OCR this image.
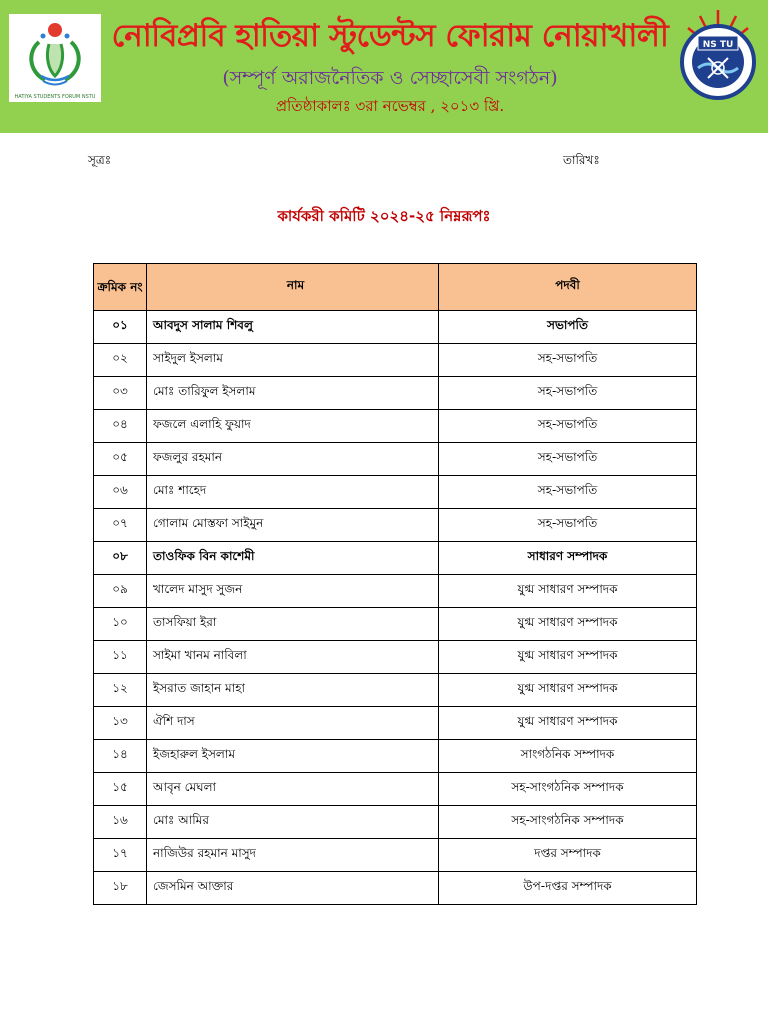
HATIYA STUDENTS FORUM NSTU
নোবিপ্রবি হাতিয়া স্টুডেন্টস ফোরাম নোয়াখালী
(সম্পূর্ণ অরাজনৈতিক ও সেচ্ছাসেবী সংগঠন)
প্রতিষ্ঠাকালঃ ৩রা নভেম্বর , ২০১৩ খ্রি.
NS TU
সূত্রঃ	তারিখঃ
কার্যকরী কমিটি ২০২৪-২৫ নিম্নরূপঃ
ক্রমিক নং	নাম	পদবী
০১	আবদুস সালাম শিবলু	সভাপতি
০২	সাইদুল ইসলাম	সহ-সভাপতি
০৩	মোঃ তারিফুল ইসলাম	সহ-সভাপতি
০৪	ফজলে এলাহি ফুয়াদ	সহ-সভাপতি
০৫	ফজলুর রহমান	সহ-সভাপতি
০৬	মোঃ শাহেদ	সহ-সভাপতি
০৭	গোলাম মোস্তফা সাইমুন	সহ-সভাপতি
০৮	তাওফিক বিন কাশেমী	সাধারণ সম্পাদক
০৯	খালেদ মাসুদ সুজন	যুগ্ম সাধারণ সম্পাদক
১০	তাসফিয়া ইরা	যুগ্ম সাধারণ সম্পাদক
১১	সাইমা খানম নাবিলা	যুগ্ম সাধারণ সম্পাদক
১২	ইসরাত জাহান মাহা	যুগ্ম সাধারণ সম্পাদক
১৩	ঐশি দাস	যুগ্ম সাধারণ সম্পাদক
১৪	ইজহারুল ইসলাম	সাংগঠনিক সম্পাদক
১৫	আবৃন মেঘলা	সহ-সাংগঠনিক সম্পাদক
১৬	মোঃ আমির	সহ-সাংগঠনিক সম্পাদক
১৭	নাজিউর রহমান মাসুদ	দপ্তর সম্পাদক
১৮	জেসমিন আক্তার	উপ-দপ্তর সম্পাদক
